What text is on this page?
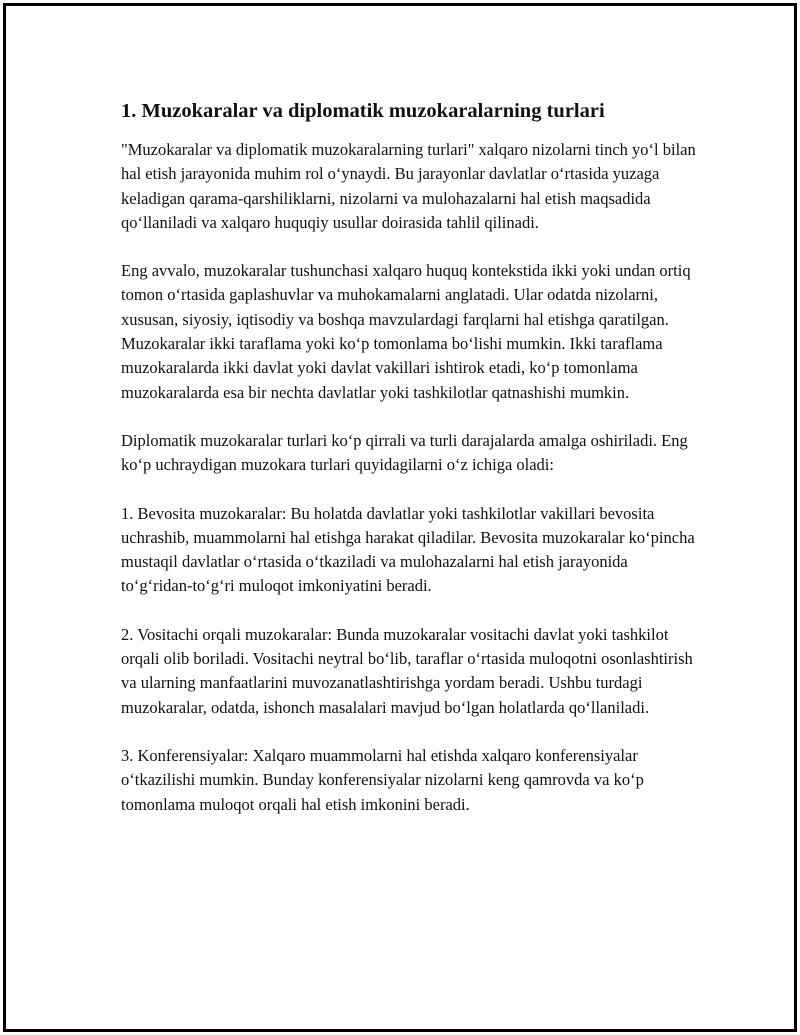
1. Muzokaralar va diplomatik muzokaralarning turlari

"Muzokaralar va diplomatik muzokaralarning turlari" xalqaro nizolarni tinch yo‘l bilan hal etish jarayonida muhim rol o‘ynaydi. Bu jarayonlar davlatlar o‘rtasida yuzaga keladigan qarama-qarshiliklarni, nizolarni va mulohazalarni hal etish maqsadida qo‘llaniladi va xalqaro huquqiy usullar doirasida tahlil qilinadi.

Eng avvalo, muzokaralar tushunchasi xalqaro huquq kontekstida ikki yoki undan ortiq tomon o‘rtasida gaplashuvlar va muhokamalarni anglatadi. Ular odatda nizolarni, xususan, siyosiy, iqtisodiy va boshqa mavzulardagi farqlarni hal etishga qaratilgan. Muzokaralar ikki taraflama yoki ko‘p tomonlama bo‘lishi mumkin. Ikki taraflama muzokaralarda ikki davlat yoki davlat vakillari ishtirok etadi, ko‘p tomonlama muzokaralarda esa bir nechta davlatlar yoki tashkilotlar qatnashishi mumkin.

Diplomatik muzokaralar turlari ko‘p qirrali va turli darajalarda amalga oshiriladi. Eng ko‘p uchraydigan muzokara turlari quyidagilarni o‘z ichiga oladi:

1. Bevosita muzokaralar: Bu holatda davlatlar yoki tashkilotlar vakillari bevosita uchrashib, muammolarni hal etishga harakat qiladilar. Bevosita muzokaralar ko‘pincha mustaqil davlatlar o‘rtasida o‘tkaziladi va mulohazalarni hal etish jarayonida to‘g‘ridan-to‘g‘ri muloqot imkoniyatini beradi.

2. Vositachi orqali muzokaralar: Bunda muzokaralar vositachi davlat yoki tashkilot orqali olib boriladi. Vositachi neytral bo‘lib, taraflar o‘rtasida muloqotni osonlashtirish va ularning manfaatlarini muvozanatlashtirishga yordam beradi. Ushbu turdagi muzokaralar, odatda, ishonch masalalari mavjud bo‘lgan holatlarda qo‘llaniladi.

3. Konferensiyalar: Xalqaro muammolarni hal etishda xalqaro konferensiyalar o‘tkazilishi mumkin. Bunday konferensiyalar nizolarni keng qamrovda va ko‘p tomonlama muloqot orqali hal etish imkonini beradi.
